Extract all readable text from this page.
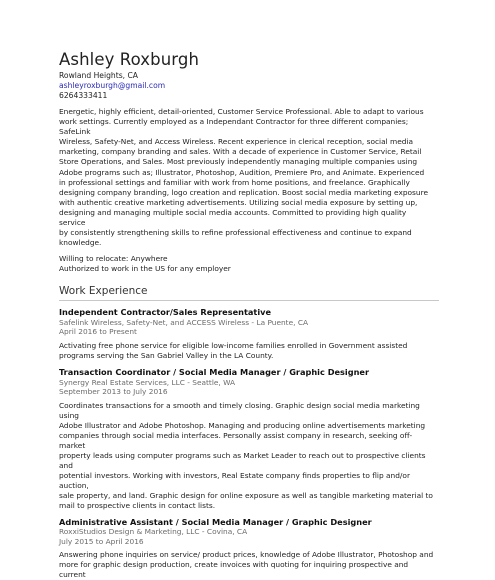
Ashley Roxburgh
Rowland Heights, CA
ashleyroxburgh@gmail.com
6264333411
Energetic, highly efficient, detail-oriented, Customer Service Professional. Able to adapt to various
work settings. Currently employed as a Independant Contractor for three different companies; SafeLink
Wireless, Safety-Net, and Access Wireless. Recent experience in clerical reception, social media
marketing, company branding and sales. With a decade of experience in Customer Service, Retail
Store Operations, and Sales. Most previously independently managing multiple companies using
Adobe programs such as; Illustrator, Photoshop, Audition, Premiere Pro, and Animate. Experienced
in professional settings and familiar with work from home positions, and freelance. Graphically
designing company branding, logo creation and replication. Boost social media marketing exposure
with authentic creative marketing advertisements. Utilizing social media exposure by setting up,
designing and managing multiple social media accounts. Committed to providing high quality service
by consistently strengthening skills to refine professional effectiveness and continue to expand
knowledge.
Willing to relocate: Anywhere
Authorized to work in the US for any employer
Work Experience
Independent Contractor/Sales Representative
Safelink Wireless, Safety-Net, and ACCESS Wireless - La Puente, CA
April 2016 to Present
Activating free phone service for eligible low-income families enrolled in Government assisted
programs serving the San Gabriel Valley in the LA County.
Transaction Coordinator / Social Media Manager / Graphic Designer
Synergy Real Estate Services, LLC - Seattle, WA
September 2013 to July 2016
Coordinates transactions for a smooth and timely closing. Graphic design social media marketing using
Adobe Illustrator and Adobe Photoshop. Managing and producing online advertisements marketing
companies through social media interfaces. Personally assist company in research, seeking off-market
property leads using computer programs such as Market Leader to reach out to prospective clients and
potential investors. Working with investors, Real Estate company finds properties to flip and/or auction,
sale property, and land. Graphic design for online exposure as well as tangible marketing material to
mail to prospective clients in contact lists.
Administrative Assistant / Social Media Manager / Graphic Designer
RoxxiStudios Design & Marketing, LLC - Covina, CA
July 2015 to April 2016
Answering phone inquiries on service/ product prices, knowledge of Adobe Illustrator, Photoshop and
more for graphic design production, create invoices with quoting for inquiring prospective and current
